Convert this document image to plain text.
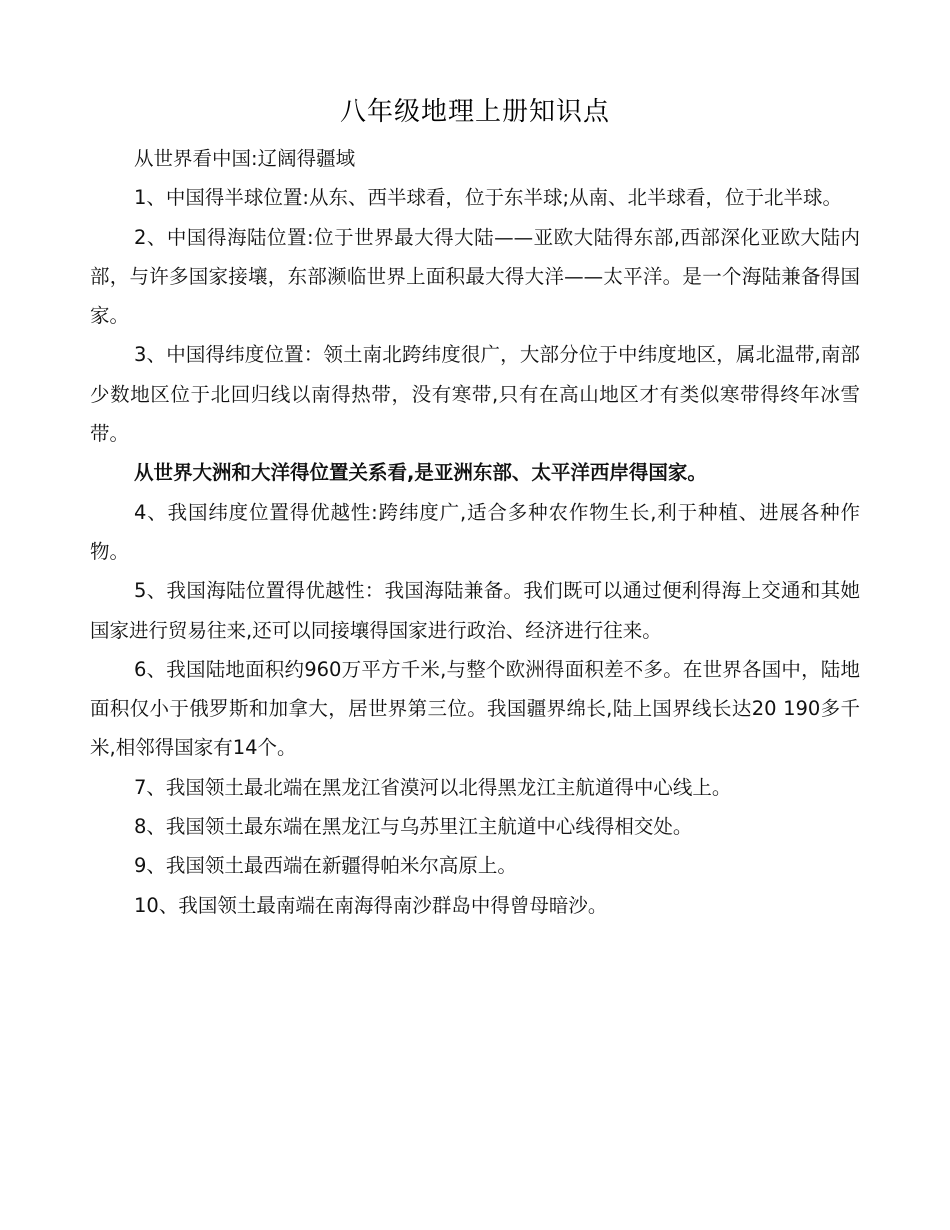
八年级地理上册知识点

从世界看中国:辽阔得疆域

1、中国得半球位置:从东、西半球看，位于东半球;从南、北半球看，位于北半球。

2、中国得海陆位置:位于世界最大得大陆——亚欧大陆得东部,西部深化亚欧大陆内部，与许多国家接壤，东部濒临世界上面积最大得大洋——太平洋。是一个海陆兼备得国家。

3、中国得纬度位置：领土南北跨纬度很广，大部分位于中纬度地区，属北温带,南部少数地区位于北回归线以南得热带，没有寒带,只有在高山地区才有类似寒带得终年冰雪带。

从世界大洲和大洋得位置关系看,是亚洲东部、太平洋西岸得国家。

4、我国纬度位置得优越性:跨纬度广,适合多种农作物生长,利于种植、进展各种作物。

5、我国海陆位置得优越性：我国海陆兼备。我们既可以通过便利得海上交通和其她国家进行贸易往来,还可以同接壤得国家进行政治、经济进行往来。

6、我国陆地面积约960万平方千米,与整个欧洲得面积差不多。在世界各国中，陆地面积仅小于俄罗斯和加拿大，居世界第三位。我国疆界绵长,陆上国界线长达20 190多千米,相邻得国家有14个。

7、我国领土最北端在黑龙江省漠河以北得黑龙江主航道得中心线上。

8、我国领土最东端在黑龙江与乌苏里江主航道中心线得相交处。

9、我国领土最西端在新疆得帕米尔高原上。

10、我国领土最南端在南海得南沙群岛中得曾母暗沙。
